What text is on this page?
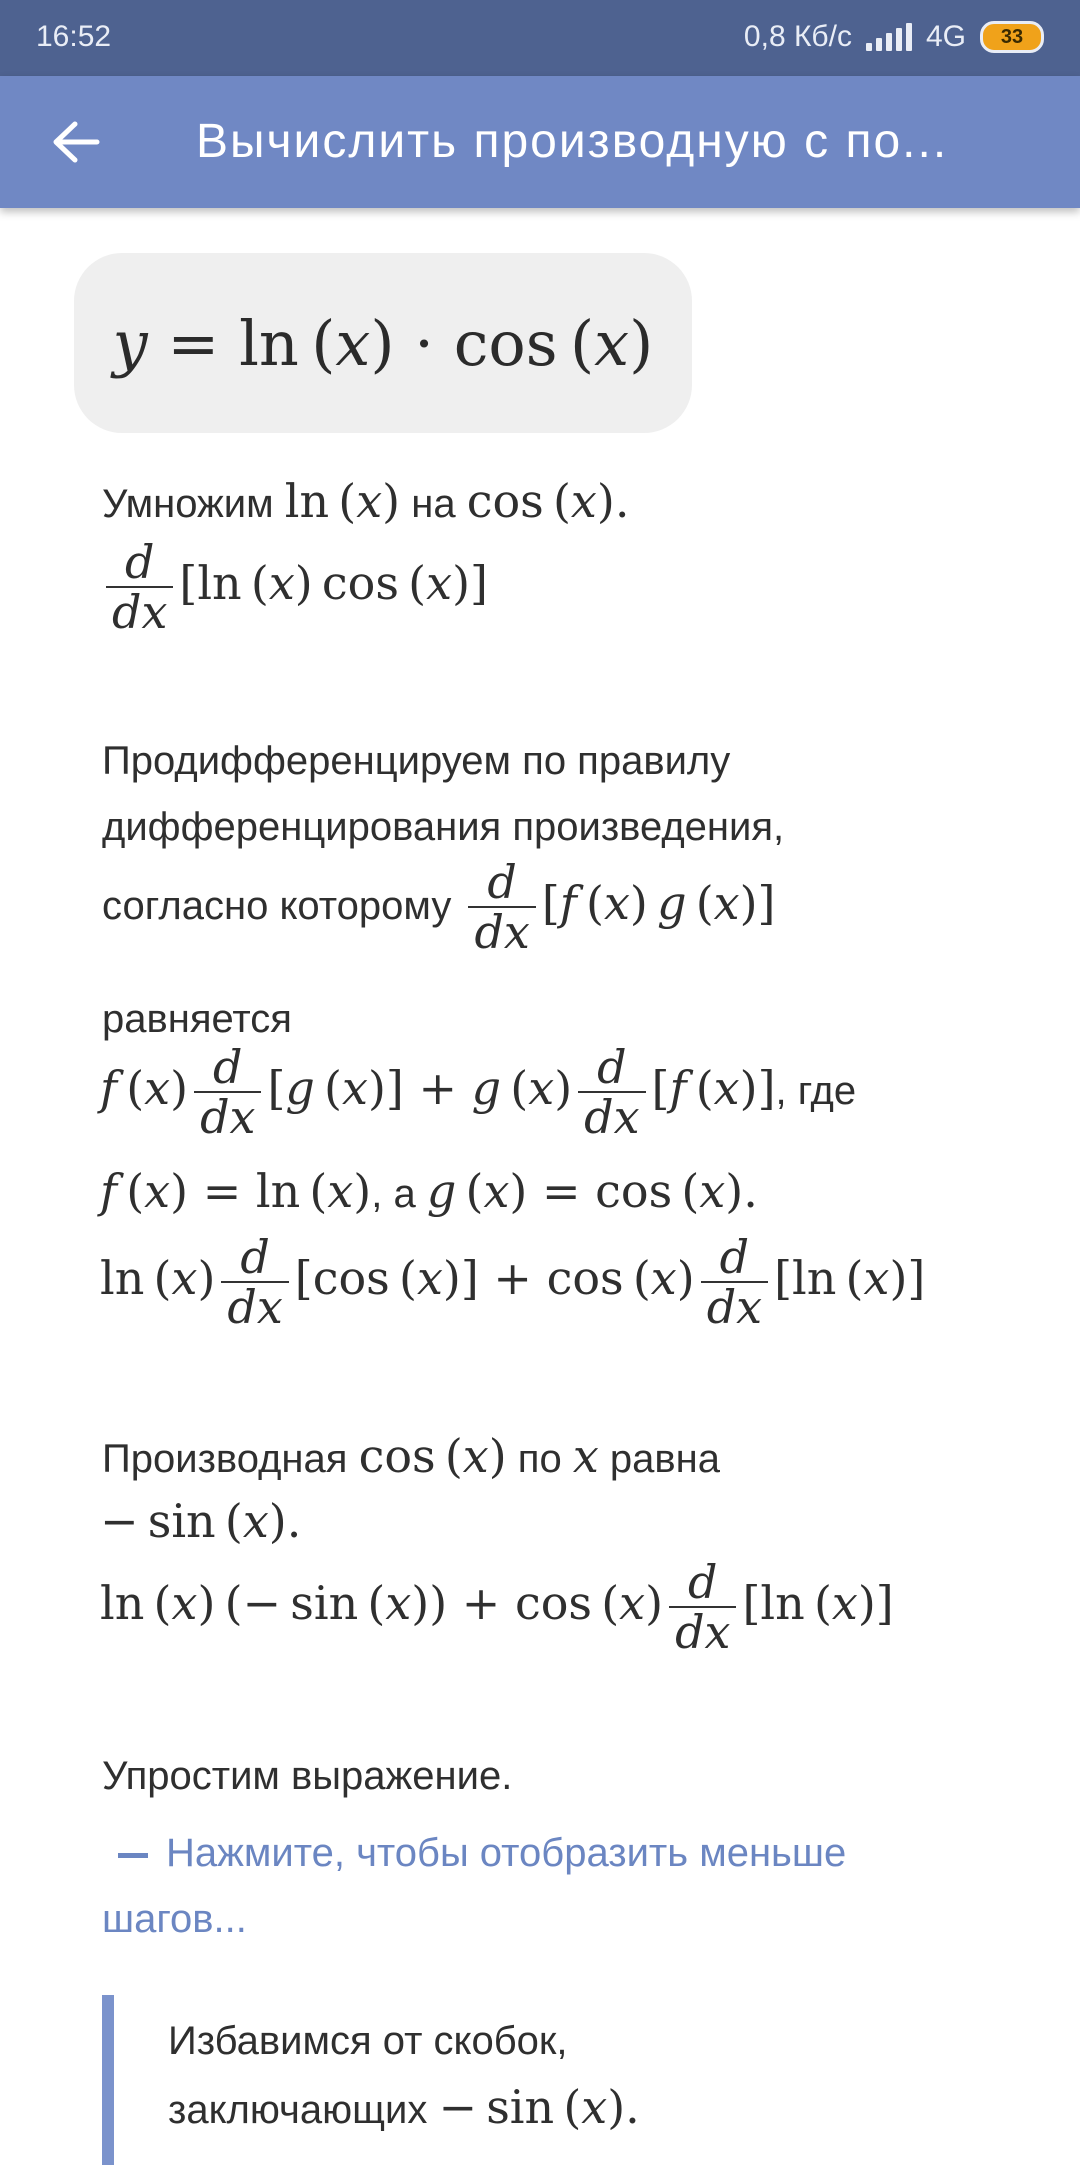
16:52	0,8 Кб/с 4G 33
Вычислить производную с по...
y = ln ( x ) · cos ( x )
Умножим ln (x) на cos (x).
$\frac{d}{dx} [\ln$ (x) cos (x)]
Продифференцируем по правилу
дифференцирования произведения,
согласно которому $\frac{d}{dx} [f$ (x) g (x)]
равняется
f $(x) \frac{d}{dx} [g$ (x)] + g $(x) \frac{d}{dx} [f$ (x)], где
f (x) = ln (x), а g (x) = cos (x).
$\ln (x) \frac{d}{dx} [\cos$ $(x)] + \cos (x) \frac{d}{dx} [\ln$ (x)]
Производная cos (x) по x равна
− sin (x).
ln (x) (− $\sin (x)) + \cos (x) \frac{d}{dx} [\ln$ (x)]
Упростим выражение.
Нажмите, чтобы отобразить меньше
шагов...
Избавимся от скобок,
заключающих − sin (x).
